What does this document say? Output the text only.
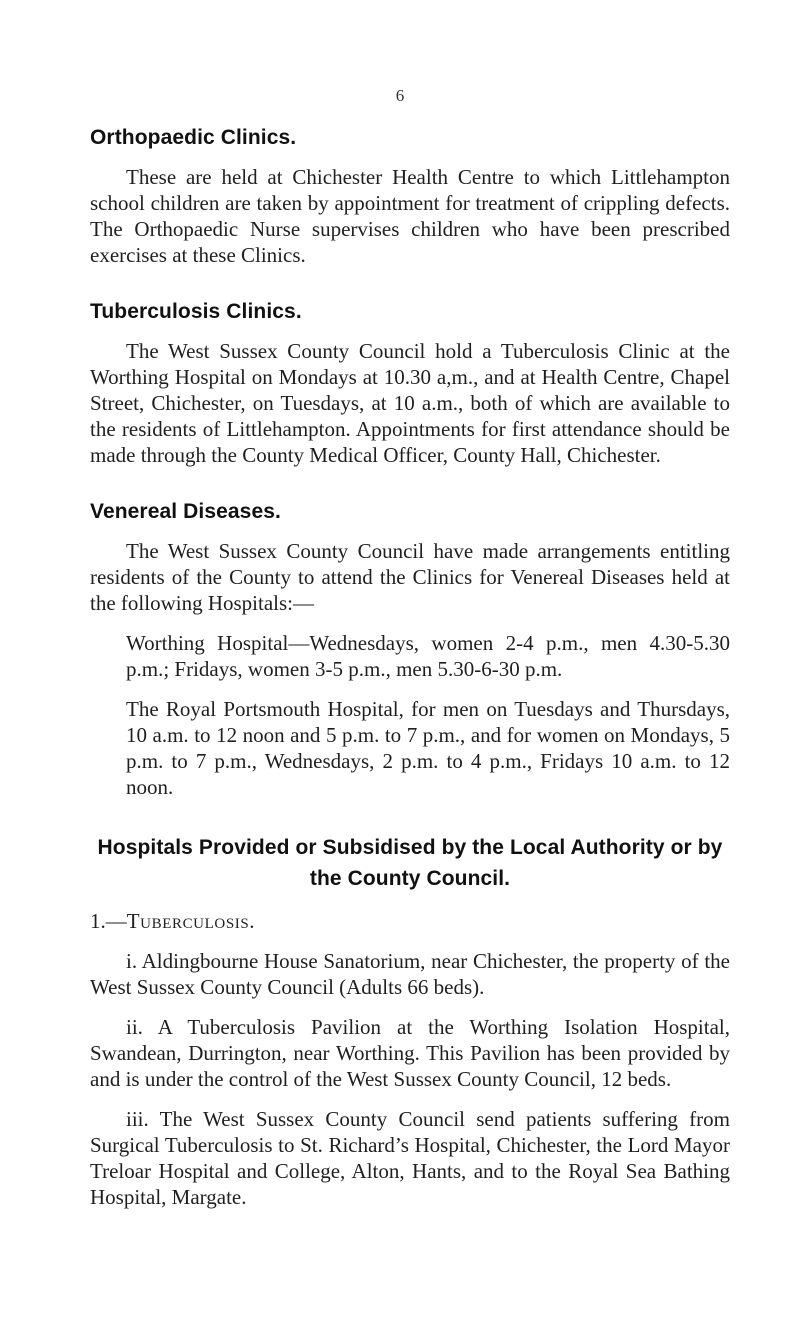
6
Orthopaedic Clinics.

These are held at Chichester Health Centre to which Littlehampton school children are taken by appointment for treatment of crippling defects. The Orthopaedic Nurse supervises children who have been prescribed exercises at these Clinics.

Tuberculosis Clinics.

The West Sussex County Council hold a Tuberculosis Clinic at the Worthing Hospital on Mondays at 10.30 a,m., and at Health Centre, Chapel Street, Chichester, on Tuesdays, at 10 a.m., both of which are available to the residents of Littlehampton. Appointments for first attendance should be made through the County Medical Officer, County Hall, Chichester.

Venereal Diseases.

The West Sussex County Council have made arrangements entitling residents of the County to attend the Clinics for Venereal Diseases held at the following Hospitals:—

Worthing Hospital—Wednesdays, women 2-4 p.m., men 4.30-5.30 p.m.; Fridays, women 3-5 p.m., men 5.30-6-30 p.m.

The Royal Portsmouth Hospital, for men on Tuesdays and Thursdays, 10 a.m. to 12 noon and 5 p.m. to 7 p.m., and for women on Mondays, 5 p.m. to 7 p.m., Wednesdays, 2 p.m. to 4 p.m., Fridays 10 a.m. to 12 noon.

Hospitals Provided or Subsidised by the Local Authority or by the County Council.

1.—Tuberculosis.

i. Aldingbourne House Sanatorium, near Chichester, the property of the West Sussex County Council (Adults 66 beds).

ii. A Tuberculosis Pavilion at the Worthing Isolation Hospital, Swandean, Durrington, near Worthing. This Pavilion has been provided by and is under the control of the West Sussex County Council, 12 beds.

iii. The West Sussex County Council send patients suffering from Surgical Tuberculosis to St. Richard’s Hospital, Chichester, the Lord Mayor Treloar Hospital and College, Alton, Hants, and to the Royal Sea Bathing Hospital, Margate.
